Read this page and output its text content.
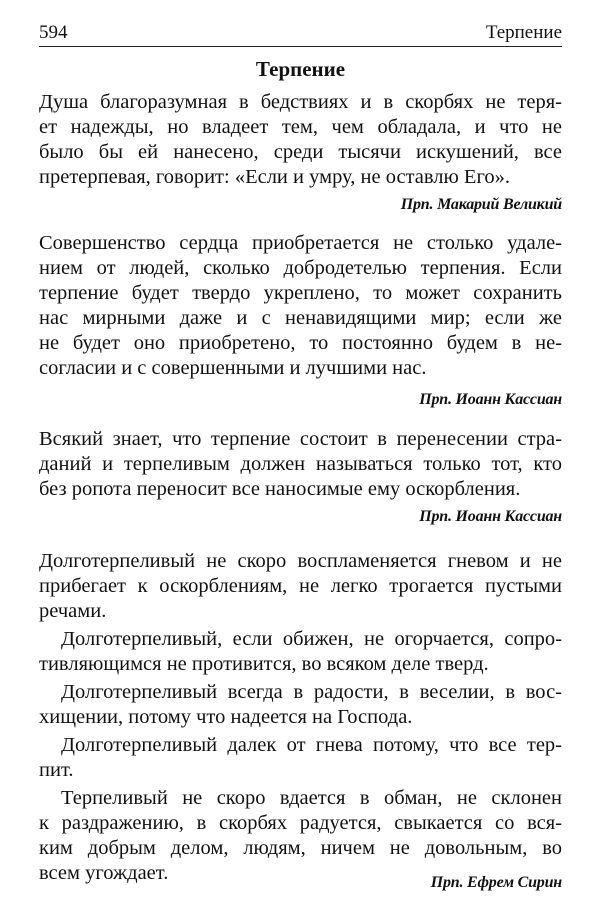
594	Терпение
Терпение

Душа благоразумная в бедствиях и в скорбях не теря-
ет надежды, но владеет тем, чем обладала, и что не
было бы ей нанесено, среди тысячи искушений, все
претерпевая, говорит: «Если и умру, не оставлю Его».

Прп. Макарий Великий

Совершенство сердца приобретается не столько удале-
нием от людей, сколько добродетелью терпения. Если
терпение будет твердо укреплено, то может сохранить
нас мирными даже и с ненавидящими мир; если же
не будет оно приобретено, то постоянно будем в не-
согласии и с совершенными и лучшими нас.

Прп. Иоанн Кассиан

Всякий знает, что терпение состоит в перенесении стра-
даний и терпеливым должен называться только тот, кто
без ропота переносит все наносимые ему оскорбления.

Прп. Иоанн Кассиан

Долготерпеливый не скоро воспламеняется гневом и не
прибегает к оскорблениям, не легко трогается пустыми
речами.

Долготерпеливый, если обижен, не огорчается, сопро-
тивляющимся не противится, во всяком деле тверд.

Долготерпеливый всегда в радости, в веселии, в вос-
хищении, потому что надеется на Господа.

Долготерпеливый далек от гнева потому, что все тер-
пит.

Терпеливый не скоро вдается в обман, не склонен
к раздражению, в скорбях радуется, свыкается со вся-
ким добрым делом, людям, ничем не довольным, во
всем угождает.	Прп. Ефрем Сирин
